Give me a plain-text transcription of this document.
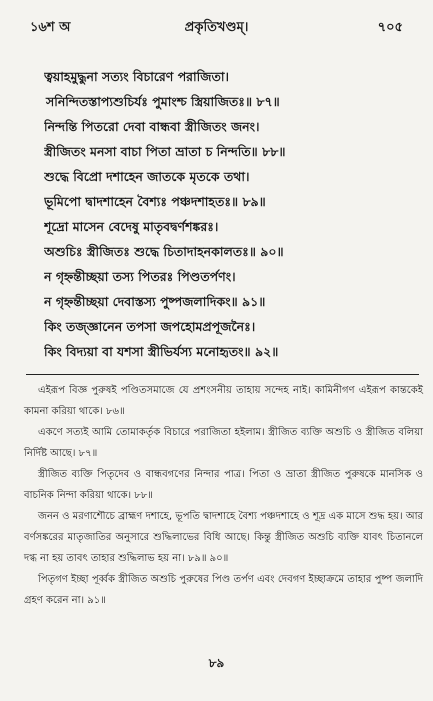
১৬শ অ	প্রকৃতিখণ্ডম্‌।	৭০৫
ত্বয়াহমুদ্ধুনা সত্যং বিচারেণ পরাজিতা।
সনিন্দিতস্তাপ্যশুচির্যঃ পুমাংশ্চ স্ত্রিয়াজিতঃ॥ ৮৭॥
নিন্দন্তি পিতরো দেবা বান্ধবা স্ত্রীজিতং জনং।
স্ত্রীজিতং মনসা বাচা পিতা ভ্রাতা চ নিন্দতি॥ ৮৮॥
শুদ্ধে বিপ্রো দশাহেন জাতকে মৃতকে তথা।
ভূমিপো দ্বাদশাহেন বৈশ্যঃ পঞ্চদশাহতঃ॥ ৮৯॥
শূদ্রো মাসেন বেদেষু মাতৃবদ্বর্ণশঙ্করঃ।
অশুচিঃ স্ত্রীজিতঃ শুদ্ধে চিতাদাহনকালতঃ॥ ৯০॥
ন গৃহ্নন্তীচ্ছয়া তস্য পিতরঃ পিণ্ডতর্পণং।
ন গৃহ্নন্তীচ্ছয়া দেবাস্তস্য পুষ্পজলাদিকং॥ ৯১॥
কিং তজ্জ্ঞানেন তপসা জপহোমপ্রপূজনৈঃ।
কিং বিদ্যয়া বা যশসা স্ত্রীভির্যস্য মনোহৃতং॥ ৯২॥

এইরূপ বিজ্ঞ পুরুষই পণ্ডিতসমাজে যে প্রশংসনীয় তাহায় সন্দেহ নাই। কামিনীগণ এইরূপ কান্তকেই কামনা করিয়া থাকে। ৮৬॥

একণে সত্যই আমি তোমাকর্তৃক বিচারে পরাজিতা হইলাম। স্ত্রীজিত ব্যক্তি অশুচি ও স্ত্রীজিত বলিয়া নির্দিষ্ট আছে। ৮৭॥

স্ত্রীজিত ব্যক্তি পিতৃদেব ও বান্ধবগণের নিন্দার পাত্র। পিতা ও ভ্রাতা স্ত্রীজিত পুরুষকে মানসিক ও বাচনিক নিন্দা করিয়া থাকে। ৮৮॥

জনন ও মরণাশৌচে ব্রাহ্মণ দশাহে, ভূপতি দ্বাদশাহে বৈশ্য পঞ্চদশাহে ও শূদ্র এক মাসে শুদ্ধ হয়। আর বর্ণসঙ্করের মাতৃজাতির অনুসারে শুদ্ধিলাভের বিধি আছে। কিন্তু স্ত্রীজিত অশুচি ব্যক্তি যাবৎ চিতানলে দগ্ধ না হয় তাবৎ তাহার শুদ্ধিলাভ হয় না। ৮৯॥ ৯০॥

পিতৃগণ ইচ্ছা পূর্ব্বক স্ত্রীজিত অশুচি পুরুষের পিণ্ড তর্পণ এবং দেবগণ ইচ্ছাক্রমে তাহার পুষ্প জলাদি গ্রহণ করেন না। ৯১॥

৮৯
